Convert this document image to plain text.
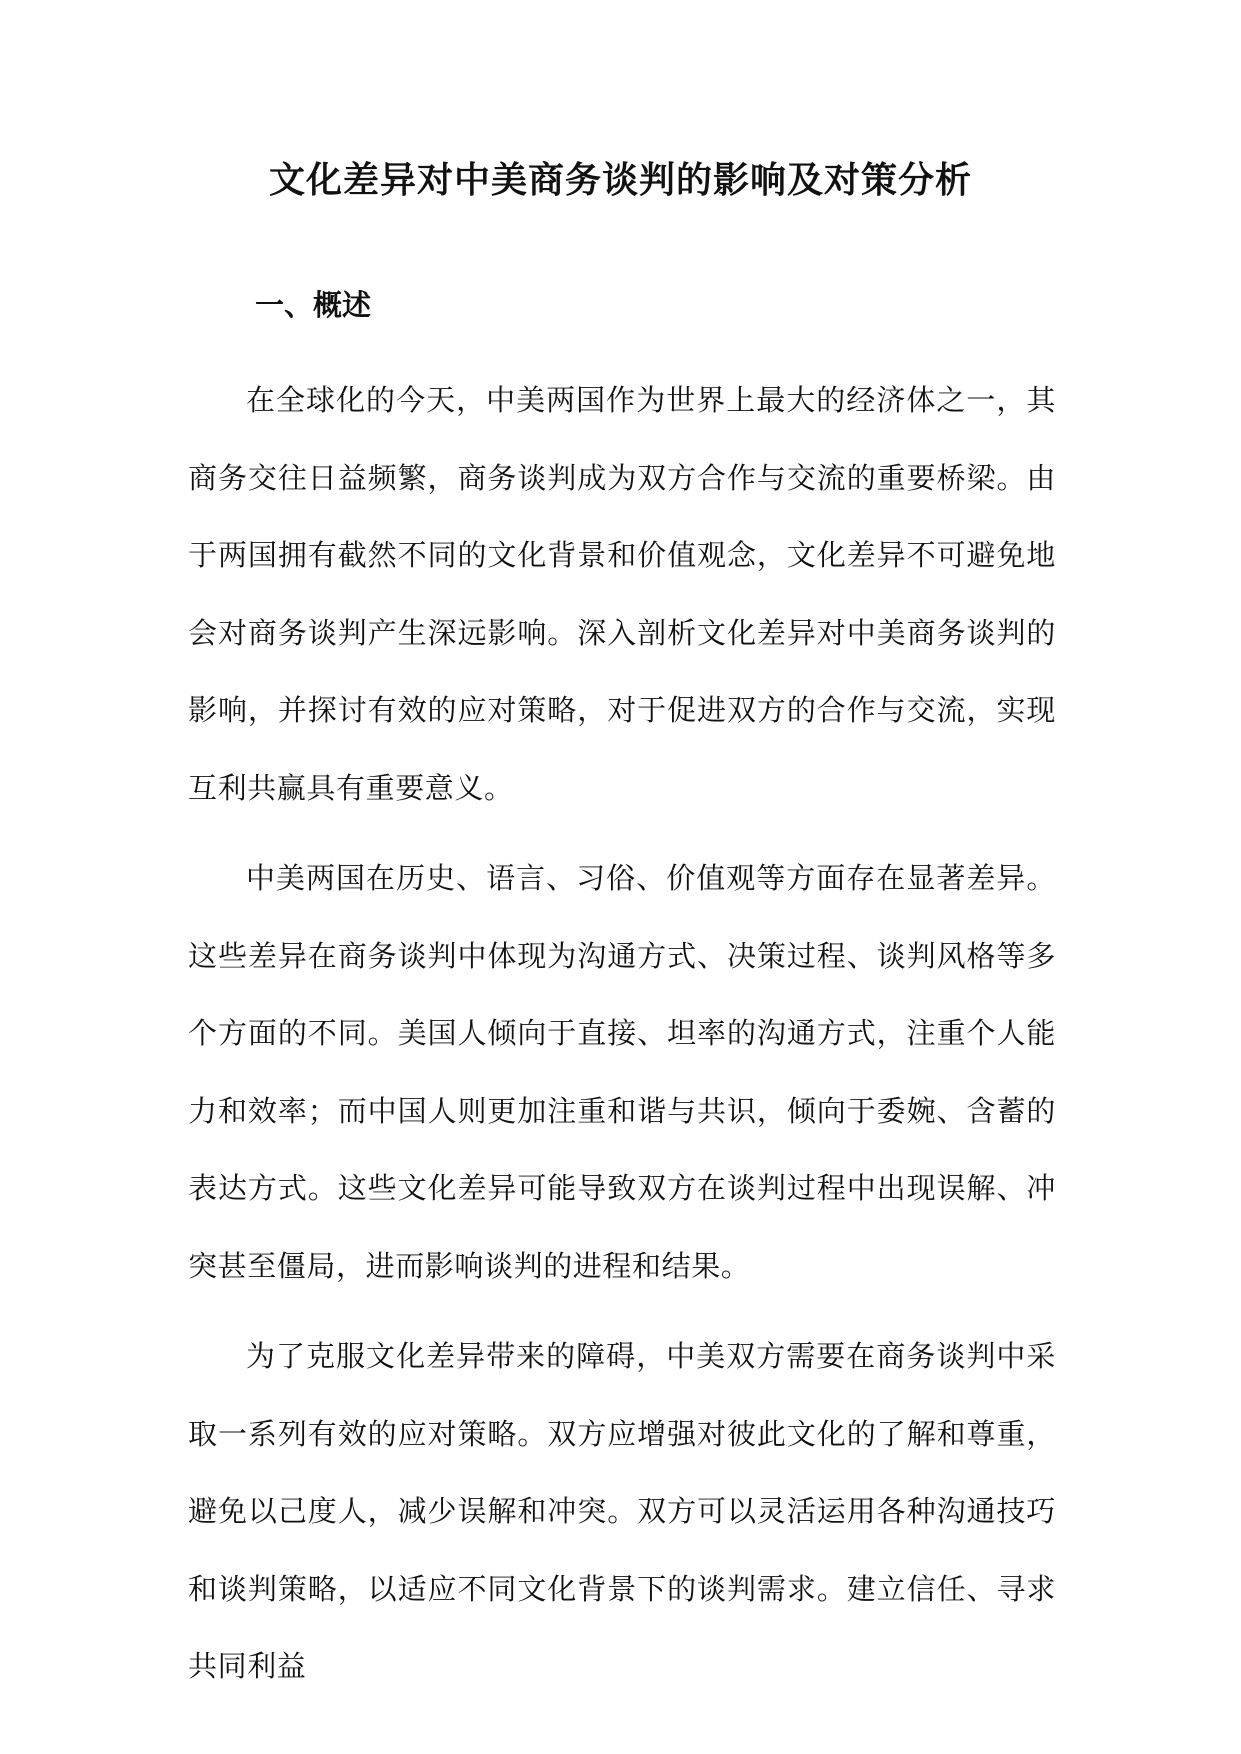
文化差异对中美商务谈判的影响及对策分析
一、概述

在全球化的今天，中美两国作为世界上最大的经济体之一，其商务交往日益频繁，商务谈判成为双方合作与交流的重要桥梁。由于两国拥有截然不同的文化背景和价值观念，文化差异不可避免地会对商务谈判产生深远影响。深入剖析文化差异对中美商务谈判的影响，并探讨有效的应对策略，对于促进双方的合作与交流，实现互利共赢具有重要意义。

中美两国在历史、语言、习俗、价值观等方面存在显著差异。这些差异在商务谈判中体现为沟通方式、决策过程、谈判风格等多个方面的不同。美国人倾向于直接、坦率的沟通方式，注重个人能力和效率；而中国人则更加注重和谐与共识，倾向于委婉、含蓄的表达方式。这些文化差异可能导致双方在谈判过程中出现误解、冲突甚至僵局，进而影响谈判的进程和结果。

为了克服文化差异带来的障碍，中美双方需要在商务谈判中采取一系列有效的应对策略。双方应增强对彼此文化的了解和尊重，避免以己度人，减少误解和冲突。双方可以灵活运用各种沟通技巧和谈判策略，以适应不同文化背景下的谈判需求。建立信任、寻求共同利益
